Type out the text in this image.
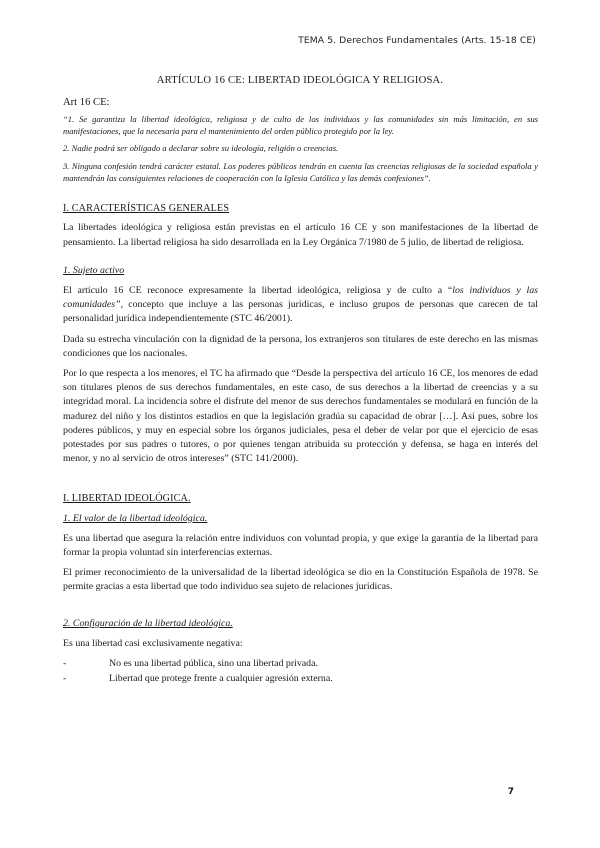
TEMA 5. Derechos Fundamentales (Arts. 15-18 CE)
ARTÍCULO 16 CE: LIBERTAD IDEOLÓGICA Y RELIGIOSA.

Art 16 CE:

“1. Se garantiza la libertad ideológica, religiosa y de culto de los individuos y las comunidades sin más limitación, en sus manifestaciones, que la necesaria para el mantenimiento del orden público protegido por la ley.

2. Nadie podrá ser obligado a declarar sobre su ideología, religión o creencias.

3. Ninguna confesión tendrá carácter estatal. Los poderes públicos tendrán en cuenta las creencias religiosas de la sociedad española y mantendrán las consiguientes relaciones de cooperación con la Iglesia Católica y las demás confesiones”.

I. CARACTERÍSTICAS GENERALES

La libertades ideológica y religiosa están previstas en el artículo 16 CE y son manifestaciones de la libertad de pensamiento. La libertad religiosa ha sido desarrollada en la Ley Orgánica 7/1980 de 5 julio, de libertad de religiosa.

1. Sujeto activo

El artículo 16 CE reconoce expresamente la libertad ideológica, religiosa y de culto a “los individuos y las comunidades”, concepto que incluye a las personas jurídicas, e incluso grupos de personas que carecen de tal personalidad jurídica independientemente (STC 46/2001).

Dada su estrecha vinculación con la dignidad de la persona, los extranjeros son titulares de este derecho en las mismas condiciones que los nacionales.

Por lo que respecta a los menores, el TC ha afirmado que “Desde la perspectiva del artículo 16 CE, los menores de edad son titulares plenos de sus derechos fundamentales, en este caso, de sus derechos a la libertad de creencias y a su integridad moral. La incidencia sobre el disfrute del menor de sus derechos fundamentales se modulará en función de la madurez del niño y los distintos estadios en que la legislación gradúa su capacidad de obrar […]. Así pues, sobre los poderes públicos, y muy en especial sobre los órganos judiciales, pesa el deber de velar por que el ejercicio de esas potestades por sus padres o tutores, o por quienes tengan atribuida su protección y defensa, se haga en interés del menor, y no al servicio de otros intereses” (STC 141/2000).

I. LIBERTAD IDEOLÓGICA.

1. El valor de la libertad ideológica.

Es una libertad que asegura la relación entre individuos con voluntad propia, y que exige la garantía de la libertad para formar la propia voluntad sin interferencias externas.

El primer reconocimiento de la universalidad de la libertad ideológica se dio en la Constitución Española de 1978. Se permite gracias a esta libertad que todo individuo sea sujeto de relaciones jurídicas.

2. Configuración de la libertad ideológica.

Es una libertad casi exclusivamente negativa:

-	No es una libertad pública, sino una libertad privada.
-	Libertad que protege frente a cualquier agresión externa.
7
